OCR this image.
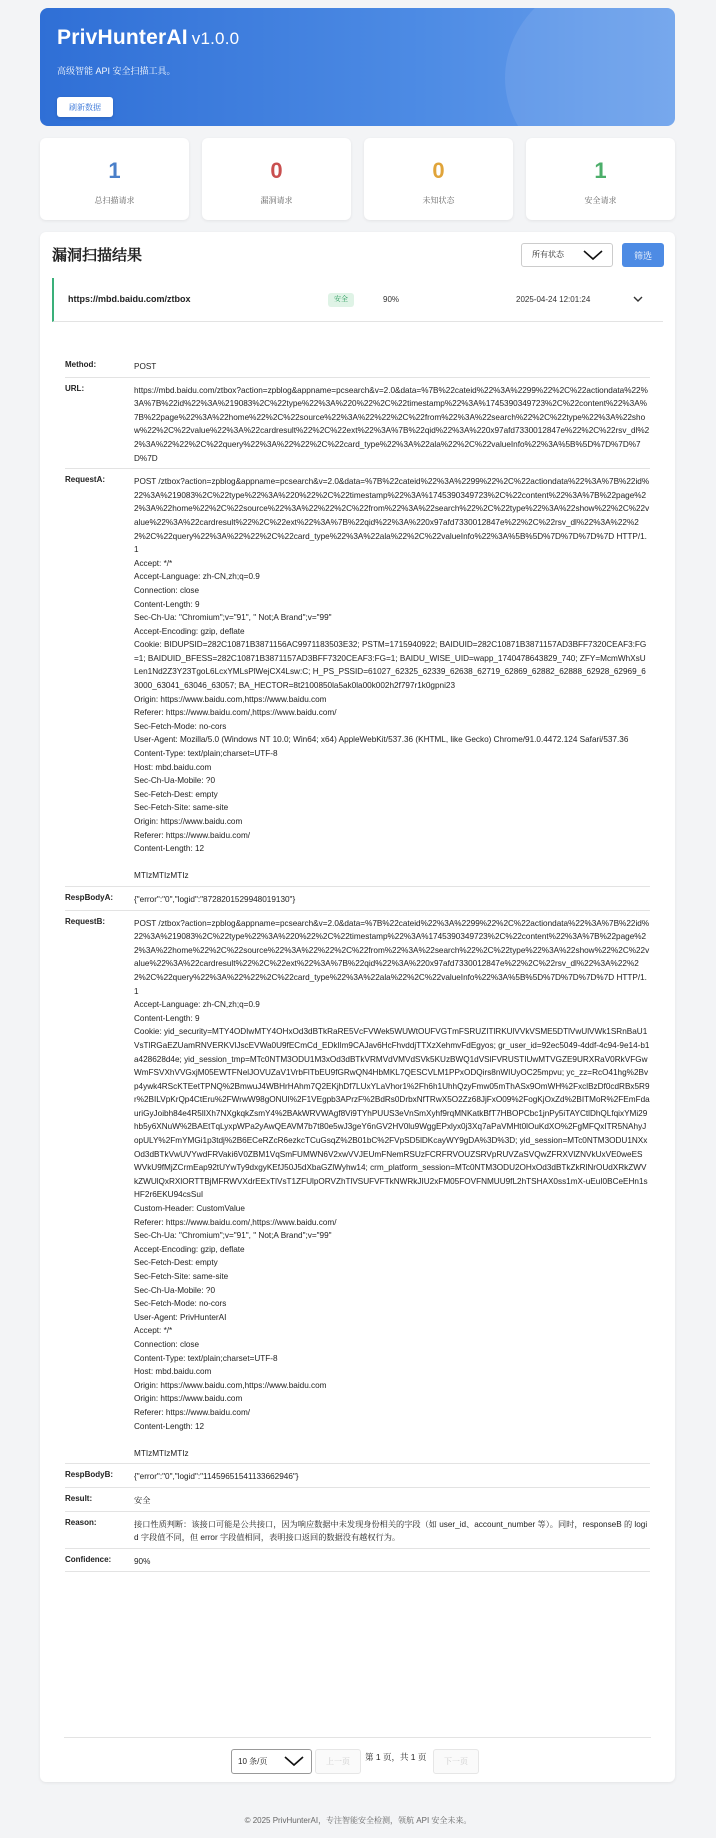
PrivHunterAI v1.0.0
高级智能 API 安全扫描工具。
刷新数据
1
总扫描请求
0
漏洞请求
0
未知状态
1
安全请求
漏洞扫描结果	所有状态	筛选
https://mbd.baidu.com/ztbox	安全	90%	2025-04-24 12:01:24
Method:	POST
URL:	https://mbd.baidu.com/ztbox?action=zpblog&appname=pcsearch&v=2.0&data=%7B%22cateid%22%3A%2299%22%2C%22actiondata%22%3A%7B%22id%22%3A%219083%2C%22type%22%3A%220%22%2C%22timestamp%22%3A%1745390349723%2C%22content%22%3A%7B%22page%22%3A%22home%22%2C%22source%22%3A%22%22%2C%22from%22%3A%22search%22%2C%22type%22%3A%22show%22%2C%22value%22%3A%22cardresult%22%2C%22ext%22%3A%7B%22qid%22%3A%220x97afd7330012847e%22%2C%22rsv_dl%22%3A%22%22%2C%22query%22%3A%22%22%2C%22card_type%22%3A%22ala%22%2C%22valueInfo%22%3A%5B%5D%7D%7D%7D%7D
RequestA:	POST /ztbox?action=zpblog&appname=pcsearch&v=2.0&data=%7B%22cateid%22%3A%2299%22%2C%22actiondata%22%3A%7B%22id%22%3A%219083%2C%22type%22%3A%220%22%2C%22timestamp%22%3A%1745390349723%2C%22content%22%3A%7B%22page%22%3A%22home%22%2C%22source%22%3A%22%22%2C%22from%22%3A%22search%22%2C%22type%22%3A%22show%22%2C%22value%22%3A%22cardresult%22%2C%22ext%22%3A%7B%22qid%22%3A%220x97afd7330012847e%22%2C%22rsv_dl%22%3A%22%22%2C%22query%22%3A%22%22%2C%22card_type%22%3A%22ala%22%2C%22valueInfo%22%3A%5B%5D%7D%7D%7D%7D HTTP/1.1
Accept: */*
Accept-Language: zh-CN,zh;q=0.9
Connection: close
Content-Length: 9
Sec-Ch-Ua: "Chromium";v="91", " Not;A Brand";v="99"
Accept-Encoding: gzip, deflate
Cookie: BIDUPSID=282C10871B3871156AC9971183503E32; PSTM=1715940922; BAIDUID=282C10871B3871157AD3BFF7320CEAF3:FG=1; BAIDUID_BFESS=282C10871B3871157AD3BFF7320CEAF3:FG=1; BAIDU_WISE_UID=wapp_1740478643829_740; ZFY=McmWhXsULen1Nd2Z3Y23TgoL6LcxYMLsPlWejCX4Lsw:C; H_PS_PSSID=61027_62325_62339_62638_62719_62869_62882_62888_62928_62969_63000_63041_63046_63057; BA_HECTOR=8t2100850la5ak0la00k002h2f797r1k0gpni23
Origin: https://www.baidu.com,https://www.baidu.com
Referer: https://www.baidu.com/,https://www.baidu.com/
Sec-Fetch-Mode: no-cors
User-Agent: Mozilla/5.0 (Windows NT 10.0; Win64; x64) AppleWebKit/537.36 (KHTML, like Gecko) Chrome/91.0.4472.124 Safari/537.36
Content-Type: text/plain;charset=UTF-8
Host: mbd.baidu.com
Sec-Ch-Ua-Mobile: ?0
Sec-Fetch-Dest: empty
Sec-Fetch-Site: same-site
Origin: https://www.baidu.com
Referer: https://www.baidu.com/
Content-Length: 12

MTIzMTIzMTIz
RespBodyA:	{"error":"0","logid":"8728201529948019130"}
RequestB:	POST /ztbox?action=zpblog&appname=pcsearch&v=2.0&data=%7B%22cateid%22%3A%2299%22%2C%22actiondata%22%3A%7B%22id%22%3A%219083%2C%22type%22%3A%220%22%2C%22timestamp%22%3A%1745390349723%2C%22content%22%3A%7B%22page%22%3A%22home%22%2C%22source%22%3A%22%22%2C%22from%22%3A%22search%22%2C%22type%22%3A%22show%22%2C%22value%22%3A%22cardresult%22%2C%22ext%22%3A%7B%22qid%22%3A%220x97afd7330012847e%22%2C%22rsv_dl%22%3A%22%22%2C%22query%22%3A%22%22%2C%22card_type%22%3A%22ala%22%2C%22valueInfo%22%3A%5B%5D%7D%7D%7D%7D HTTP/1.1
Accept-Language: zh-CN,zh;q=0.9
Content-Length: 9
Cookie: yid_security=MTY4ODIwMTY4OHxOd3dBTkRaRE5VcFVWek5WUWtOUFVGTmFSRUZITlRKUlVVkVSME5DTlVwUlVWk1SRnBaU1VsTlRGaEZUamRNVERKVlJscEVWa0U9fECmCd_EDkIlm9CAJav6HcFhvddjTTXzXehmvFdEgyos; gr_user_id=92ec5049-4ddf-4c94-9e14-b1a428628d4e; yid_session_tmp=MTc0NTM3ODU1M3xOd3dBTkVRMVdVMVdSVk5KUzBWQ1dVSlFVRUSTIUwMTVGZE9URXRaV0RkVFGwWmFSVXhVVGxjM05EWTFNelJOVUZaV1VrbFlTbEU9fGRwQN4HbMKL7QESCVLM1PPxODQirs8nWIUyOC25mpvu; yc_zz=RcO41hg%2Bvp4ywk4RScKTEetTPNQ%2BmwuJ4WBHrHAhm7Q2EKjhDf7LUxYLaVhor1%2Fh6h1UhhQzyFmw05mThASx9OmWH%2FxclBzDf0cdRBx5R9r%2BILVpKrQp4CtEru%2FWrwW98gONUI%2F1VEgpb3APrzF%2BdRs0DrbxNfTRwX5O2Zz68JjFxO09%2FogKjOxZd%2BITMoR%2FEmFdauriGyJoibh84e4R5lIXh7NXgkqkZsmY4%2BAkWRVWAgf8Vi9TYhPUUS3eVnSmXyhf9rqMNKatkBfT7HBOPCbc1jnPy5iTAYCtlDhQLfqixYMi29hb5y6XNuW%2BAEtTqLyxpWPa2yAwQEAVM7b7t80e5wJ3geY6nGV2HV0lu9WggEPxlyx0j3Xq7aPaVMHt0lOuKdXO%2FgMFQxITR5NAhyJopULY%2FmYMGi1p3tdj%2B6ECeRZcR6ezkcTCuGsqZ%2B01bC%2FVpSD5lDKcayWY9gDA%3D%3D; yid_session=MTc0NTM3ODU1NXxOd3dBTkVwUVYwdFRVaki6V0ZBM1VqSmFUMWN6V2xwVVJEUmFNemRSUzFCRFRVOUZSRVpRUVZaSVQwZFRXVlZNVkUxVE0weESWVkU9fMjZCrmEap92tUYwTy9dxgyKEfJ50J5dXbaGZlWyhw14; crm_platform_session=MTc0NTM3ODU2OHxOd3dBTkZkRlNrOUdXRkZWVkZWUlQxRXlORTTBjMFRWVXdrEExTlVsT1ZFUlpORVZhTlVSUFVFTkNWRkJIU2xFM05FOVFNMUU9fL2hTSHAX0ss1mX-uEuI0BCeEHn1sHF2r6EKU94csSuI
Custom-Header: CustomValue
Referer: https://www.baidu.com/,https://www.baidu.com/
Sec-Ch-Ua: "Chromium";v="91", " Not;A Brand";v="99"
Accept-Encoding: gzip, deflate
Sec-Fetch-Dest: empty
Sec-Fetch-Site: same-site
Sec-Ch-Ua-Mobile: ?0
Sec-Fetch-Mode: no-cors
User-Agent: PrivHunterAI
Accept: */*
Connection: close
Content-Type: text/plain;charset=UTF-8
Host: mbd.baidu.com
Origin: https://www.baidu.com,https://www.baidu.com
Origin: https://www.baidu.com
Referer: https://www.baidu.com/
Content-Length: 12

MTIzMTIzMTIz
RespBodyB:	{"error":"0","logid":"11459651541133662946"}
Result:	安全
Reason:	接口性质判断：该接口可能是公共接口，因为响应数据中未发现身份相关的字段（如 user_id、account_number 等）。同时，responseB 的 logid 字段值不同，但 error 字段值相同，表明接口返回的数据没有越权行为。
Confidence:	90%
10 条/页	上一页	第 1 页，共 1 页	下一页
© 2025 PrivHunterAI，专注智能安全检测，领航 API 安全未来。
